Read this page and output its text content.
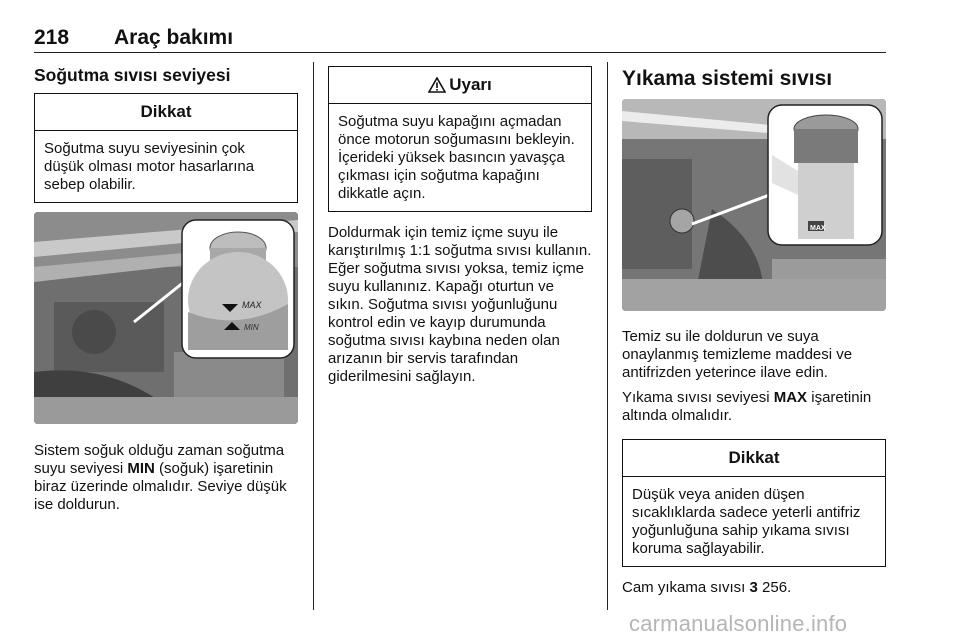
218 Araç bakımı
Soğutma sıvısı seviyesi
Dikkat
Soğutma suyu seviyesinin çok düşük olması motor hasarlarına sebep olabilir.
MAX
MIN

Sistem soğuk olduğu zaman soğutma suyu seviyesi MIN (soğuk) işaretinin biraz üzerinde olmalıdır. Seviye düşük ise doldurun.

Uyarı
Soğutma suyu kapağını açmadan önce motorun soğumasını bekleyin. İçerideki yüksek basıncın yavaşça çıkması için soğutma kapağını dikkatle açın.

Doldurmak için temiz içme suyu ile karıştırılmış 1:1 soğutma sıvısı kullanın. Eğer soğutma sıvısı yoksa, temiz içme suyu kullanınız. Kapağı oturtun ve sıkın. Soğutma sıvısı yoğunluğunu kontrol edin ve kayıp durumunda soğutma sıvısı kaybına neden olan arızanın bir servis tarafından giderilmesini sağlayın.

Yıkama sistemi sıvısı
MAX

Temiz su ile doldurun ve suya onaylanmış temizleme maddesi ve antifrizden yeterince ilave edin.

Yıkama sıvısı seviyesi MAX işaretinin altında olmalıdır.

Dikkat
Düşük veya aniden düşen sıcaklıklarda sadece yeterli antifriz yoğunluğuna sahip yıkama sıvısı koruma sağlayabilir.

Cam yıkama sıvısı 3 256.

carmanualsonline.info
